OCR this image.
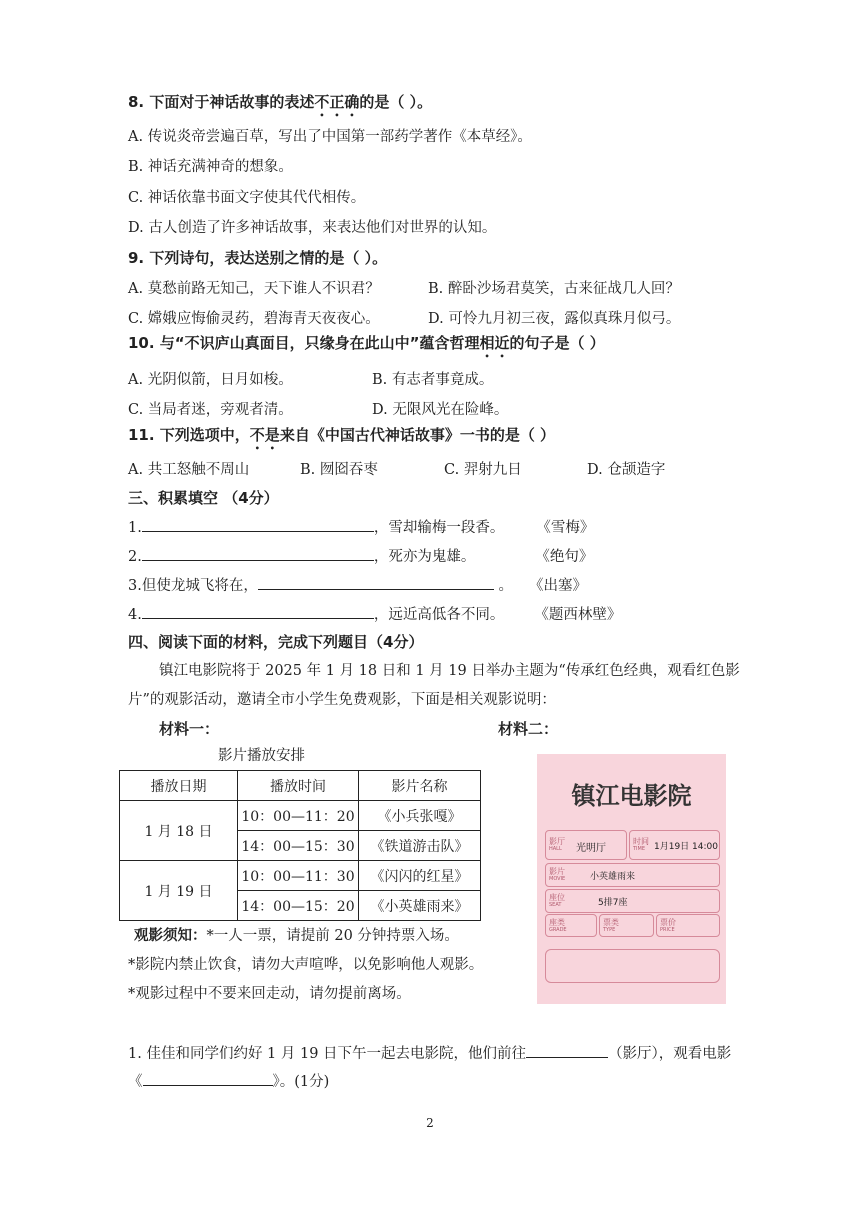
8. 下面对于神话故事的表述不正确的是（ ）。
A. 传说炎帝尝遍百草，写出了中国第一部药学著作《本草经》。
B. 神话充满神奇的想象。
C. 神话依靠书面文字使其代代相传。
D. 古人创造了许多神话故事，来表达他们对世界的认知。
9. 下列诗句，表达送别之情的是（ ）。
A. 莫愁前路无知己，天下谁人不识君？	B. 醉卧沙场君莫笑，古来征战几人回？
C. 嫦娥应悔偷灵药，碧海青天夜夜心。	D. 可怜九月初三夜，露似真珠月似弓。
10. 与“不识庐山真面目，只缘身在此山中”蕴含哲理相近的句子是（ ）
A. 光阴似箭，日月如梭。	B. 有志者事竟成。
C. 当局者迷，旁观者清。	D. 无限风光在险峰。
11. 下列选项中，不是来自《中国古代神话故事》一书的是（ ）
A. 共工怒触不周山	B. 囫囵吞枣	C. 羿射九日	D. 仓颉造字
三、积累填空 （4分）
1.	，雪却输梅一段香。 《雪梅》
2.	，死亦为鬼雄。	《绝句》
3.但使龙城飞将在，	。 《出塞》
4.	，远近高低各不同。 《题西林壁》
四、阅读下面的材料，完成下列题目（4分）
镇江电影院将于 2025 年 1 月 18 日和 1 月 19 日举办主题为“传承红色经典，观看红色影
片”的观影活动，邀请全市小学生免费观影，下面是相关观影说明：
材料一：	材料二：
影片播放安排
播放日期	播放时间	影片名称
1 月 18 日	10：00—11：20	《小兵张嘎》
	14：00—15：30	《铁道游击队》
1 月 19 日	10：00—11：30	《闪闪的红星》
	14：00—15：20	《小英雄雨来》
观影须知：*一人一票，请提前 20 分钟持票入场。
*影院内禁止饮食，请勿大声喧哗，以免影响他人观影。
*观影过程中不要来回走动，请勿提前离场。
镇江电影院
影厅
HALL	光明厅
时间
TIME 1月19日 14:00
影片
MOVIE	小英雄雨来
座位
SEAT	5排7座
座类
GRADE
票类
TYPE
票价
PRICE
1. 佳佳和同学们约好 1 月 19 日下午一起去电影院，他们前往	（影厅），观看电影
《	》。(1分)
2
